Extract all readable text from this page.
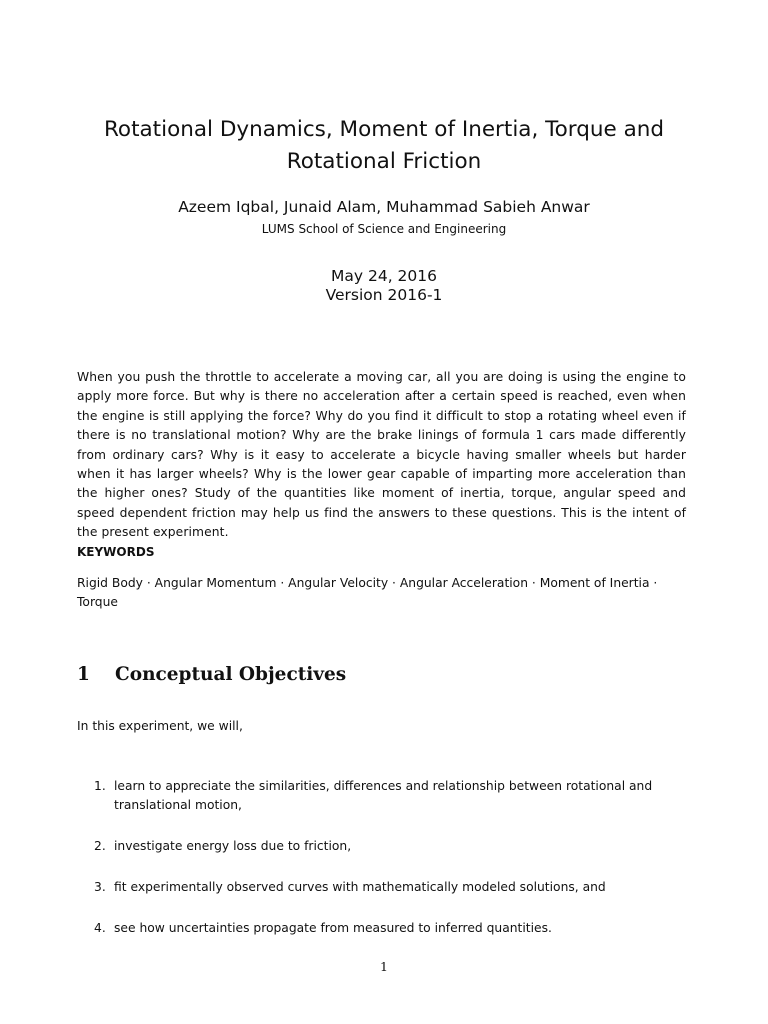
Rotational Dynamics, Moment of Inertia, Torque and Rotational Friction
Azeem Iqbal, Junaid Alam, Muhammad Sabieh Anwar
LUMS School of Science and Engineering
May 24, 2016
Version 2016-1

When you push the throttle to accelerate a moving car, all you are doing is using the engine to apply more force. But why is there no acceleration after a certain speed is reached, even when the engine is still applying the force? Why do you find it difficult to stop a rotating wheel even if there is no translational motion? Why are the brake linings of formula 1 cars made differently from ordinary cars? Why is it easy to accelerate a bicycle having smaller wheels but harder when it has larger wheels? Why is the lower gear capable of imparting more acceleration than the higher ones? Study of the quantities like moment of inertia, torque, angular speed and speed dependent friction may help us find the answers to these questions. This is the intent of the present experiment.

KEYWORDS

Rigid Body · Angular Momentum · Angular Velocity · Angular Acceleration · Moment of Inertia · Torque

1 Conceptual Objectives

In this experiment, we will,

1. learn to appreciate the similarities, differences and relationship between rotational and translational motion,
2. investigate energy loss due to friction,
3. fit experimentally observed curves with mathematically modeled solutions, and
4. see how uncertainties propagate from measured to inferred quantities.
1
